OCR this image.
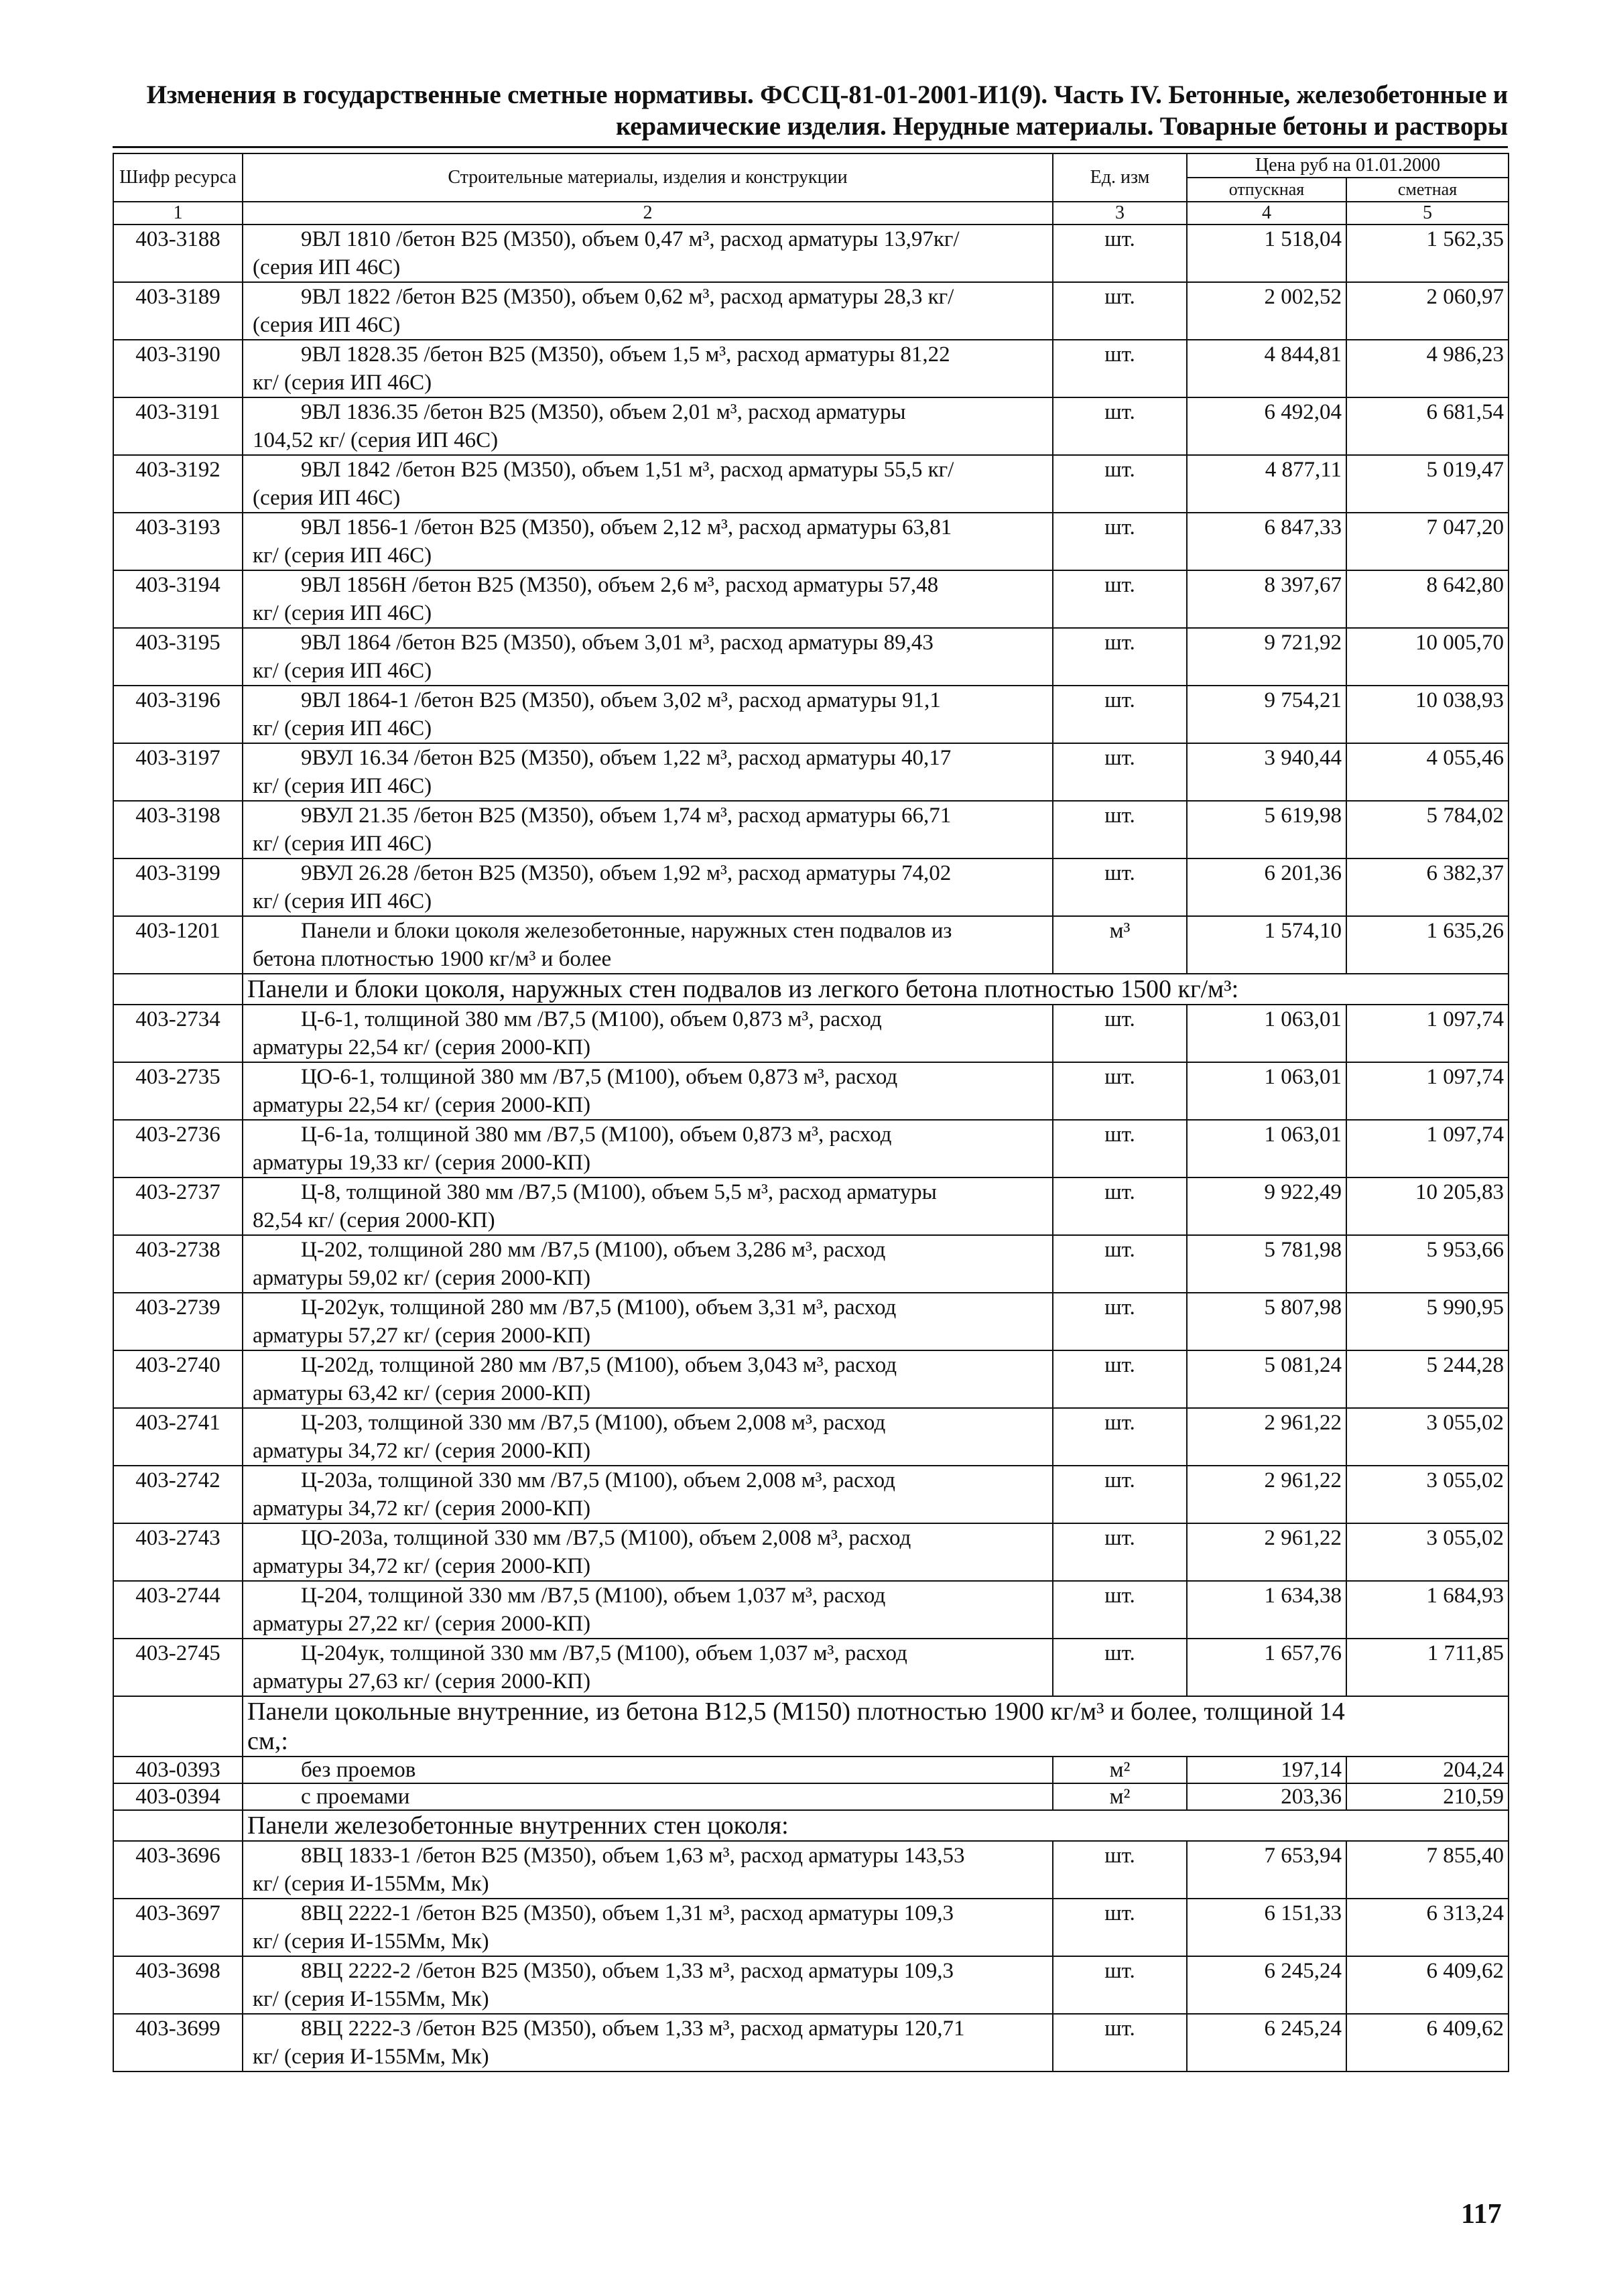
Изменения в государственные сметные нормативы. ФССЦ-81-01-2001-И1(9). Часть IV. Бетонные, железобетонные и
керамические изделия. Нерудные материалы. Товарные бетоны и растворы
Шифр ресурса	Строительные материалы, изделия и конструкции	Ед. изм	Цена руб на 01.01.2000	
			отпускная	сметная
1	2	3	4	5
403-3188	9ВЛ 1810 /бетон В25 (М350), объем 0,47 м³, расход арматуры 13,97кг/
(серия ИП 46С)	шт.	1 518,04	1 562,35
403-3189	9ВЛ 1822 /бетон В25 (М350), объем 0,62 м³, расход арматуры 28,3 кг/
(серия ИП 46С)	шт.	2 002,52	2 060,97
403-3190	9ВЛ 1828.35 /бетон В25 (М350), объем 1,5 м³, расход арматуры 81,22
кг/ (серия ИП 46С)	шт.	4 844,81	4 986,23
403-3191	9ВЛ 1836.35 /бетон В25 (М350), объем 2,01 м³, расход арматуры
104,52 кг/ (серия ИП 46С)	шт.	6 492,04	6 681,54
403-3192	9ВЛ 1842 /бетон В25 (М350), объем 1,51 м³, расход арматуры 55,5 кг/
(серия ИП 46С)	шт.	4 877,11	5 019,47
403-3193	9ВЛ 1856-1 /бетон В25 (М350), объем 2,12 м³, расход арматуры 63,81
кг/ (серия ИП 46С)	шт.	6 847,33	7 047,20
403-3194	9ВЛ 1856Н /бетон В25 (М350), объем 2,6 м³, расход арматуры 57,48
кг/ (серия ИП 46С)	шт.	8 397,67	8 642,80
403-3195	9ВЛ 1864 /бетон В25 (М350), объем 3,01 м³, расход арматуры 89,43
кг/ (серия ИП 46С)	шт.	9 721,92	10 005,70
403-3196	9ВЛ 1864-1 /бетон В25 (М350), объем 3,02 м³, расход арматуры 91,1
кг/ (серия ИП 46С)	шт.	9 754,21	10 038,93
403-3197	9ВУЛ 16.34 /бетон В25 (М350), объем 1,22 м³, расход арматуры 40,17
кг/ (серия ИП 46С)	шт.	3 940,44	4 055,46
403-3198	9ВУЛ 21.35 /бетон В25 (М350), объем 1,74 м³, расход арматуры 66,71
кг/ (серия ИП 46С)	шт.	5 619,98	5 784,02
403-3199	9ВУЛ 26.28 /бетон В25 (М350), объем 1,92 м³, расход арматуры 74,02
кг/ (серия ИП 46С)	шт.	6 201,36	6 382,37
403-1201	Панели и блоки цоколя железобетонные, наружных стен подвалов из
бетона плотностью 1900 кг/м³ и более	м³	1 574,10	1 635,26

	Панели и блоки цоколя, наружных стен подвалов из легкого бетона плотностью 1500 кг/м³:			

403-2734	Ц-6-1, толщиной 380 мм /В7,5 (М100), объем 0,873 м³, расход
арматуры 22,54 кг/ (серия 2000-КП)	шт.	1 063,01	1 097,74
403-2735	ЦО-6-1, толщиной 380 мм /В7,5 (М100), объем 0,873 м³, расход
арматуры 22,54 кг/ (серия 2000-КП)	шт.	1 063,01	1 097,74
403-2736	Ц-6-1а, толщиной 380 мм /В7,5 (М100), объем 0,873 м³, расход
арматуры 19,33 кг/ (серия 2000-КП)	шт.	1 063,01	1 097,74
403-2737	Ц-8, толщиной 380 мм /В7,5 (М100), объем 5,5 м³, расход арматуры
82,54 кг/ (серия 2000-КП)	шт.	9 922,49	10 205,83
403-2738	Ц-202, толщиной 280 мм /В7,5 (М100), объем 3,286 м³, расход
арматуры 59,02 кг/ (серия 2000-КП)	шт.	5 781,98	5 953,66
403-2739	Ц-202ук, толщиной 280 мм /В7,5 (М100), объем 3,31 м³, расход
арматуры 57,27 кг/ (серия 2000-КП)	шт.	5 807,98	5 990,95
403-2740	Ц-202д, толщиной 280 мм /В7,5 (М100), объем 3,043 м³, расход
арматуры 63,42 кг/ (серия 2000-КП)	шт.	5 081,24	5 244,28
403-2741	Ц-203, толщиной 330 мм /В7,5 (М100), объем 2,008 м³, расход
арматуры 34,72 кг/ (серия 2000-КП)	шт.	2 961,22	3 055,02
403-2742	Ц-203а, толщиной 330 мм /В7,5 (М100), объем 2,008 м³, расход
арматуры 34,72 кг/ (серия 2000-КП)	шт.	2 961,22	3 055,02
403-2743	ЦО-203а, толщиной 330 мм /В7,5 (М100), объем 2,008 м³, расход
арматуры 34,72 кг/ (серия 2000-КП)	шт.	2 961,22	3 055,02
403-2744	Ц-204, толщиной 330 мм /В7,5 (М100), объем 1,037 м³, расход
арматуры 27,22 кг/ (серия 2000-КП)	шт.	1 634,38	1 684,93
403-2745	Ц-204ук, толщиной 330 мм /В7,5 (М100), объем 1,037 м³, расход
арматуры 27,63 кг/ (серия 2000-КП)	шт.	1 657,76	1 711,85

	Панели цокольные внутренние, из бетона В12,5 (М150) плотностью 1900 кг/м³ и более, толщиной 14
см,:			

403-0393	без проемов	м²	197,14	204,24
403-0394	с проемами	м²	203,36	210,59

	Панели железобетонные внутренних стен цоколя:			

403-3696	8ВЦ 1833-1 /бетон В25 (М350), объем 1,63 м³, расход арматуры 143,53
кг/ (серия И-155Мм, Мк)	шт.	7 653,94	7 855,40
403-3697	8ВЦ 2222-1 /бетон В25 (М350), объем 1,31 м³, расход арматуры 109,3
кг/ (серия И-155Мм, Мк)	шт.	6 151,33	6 313,24
403-3698	8ВЦ 2222-2 /бетон В25 (М350), объем 1,33 м³, расход арматуры 109,3
кг/ (серия И-155Мм, Мк)	шт.	6 245,24	6 409,62
403-3699	8ВЦ 2222-3 /бетон В25 (М350), объем 1,33 м³, расход арматуры 120,71
кг/ (серия И-155Мм, Мк)	шт.	6 245,24	6 409,62
117
